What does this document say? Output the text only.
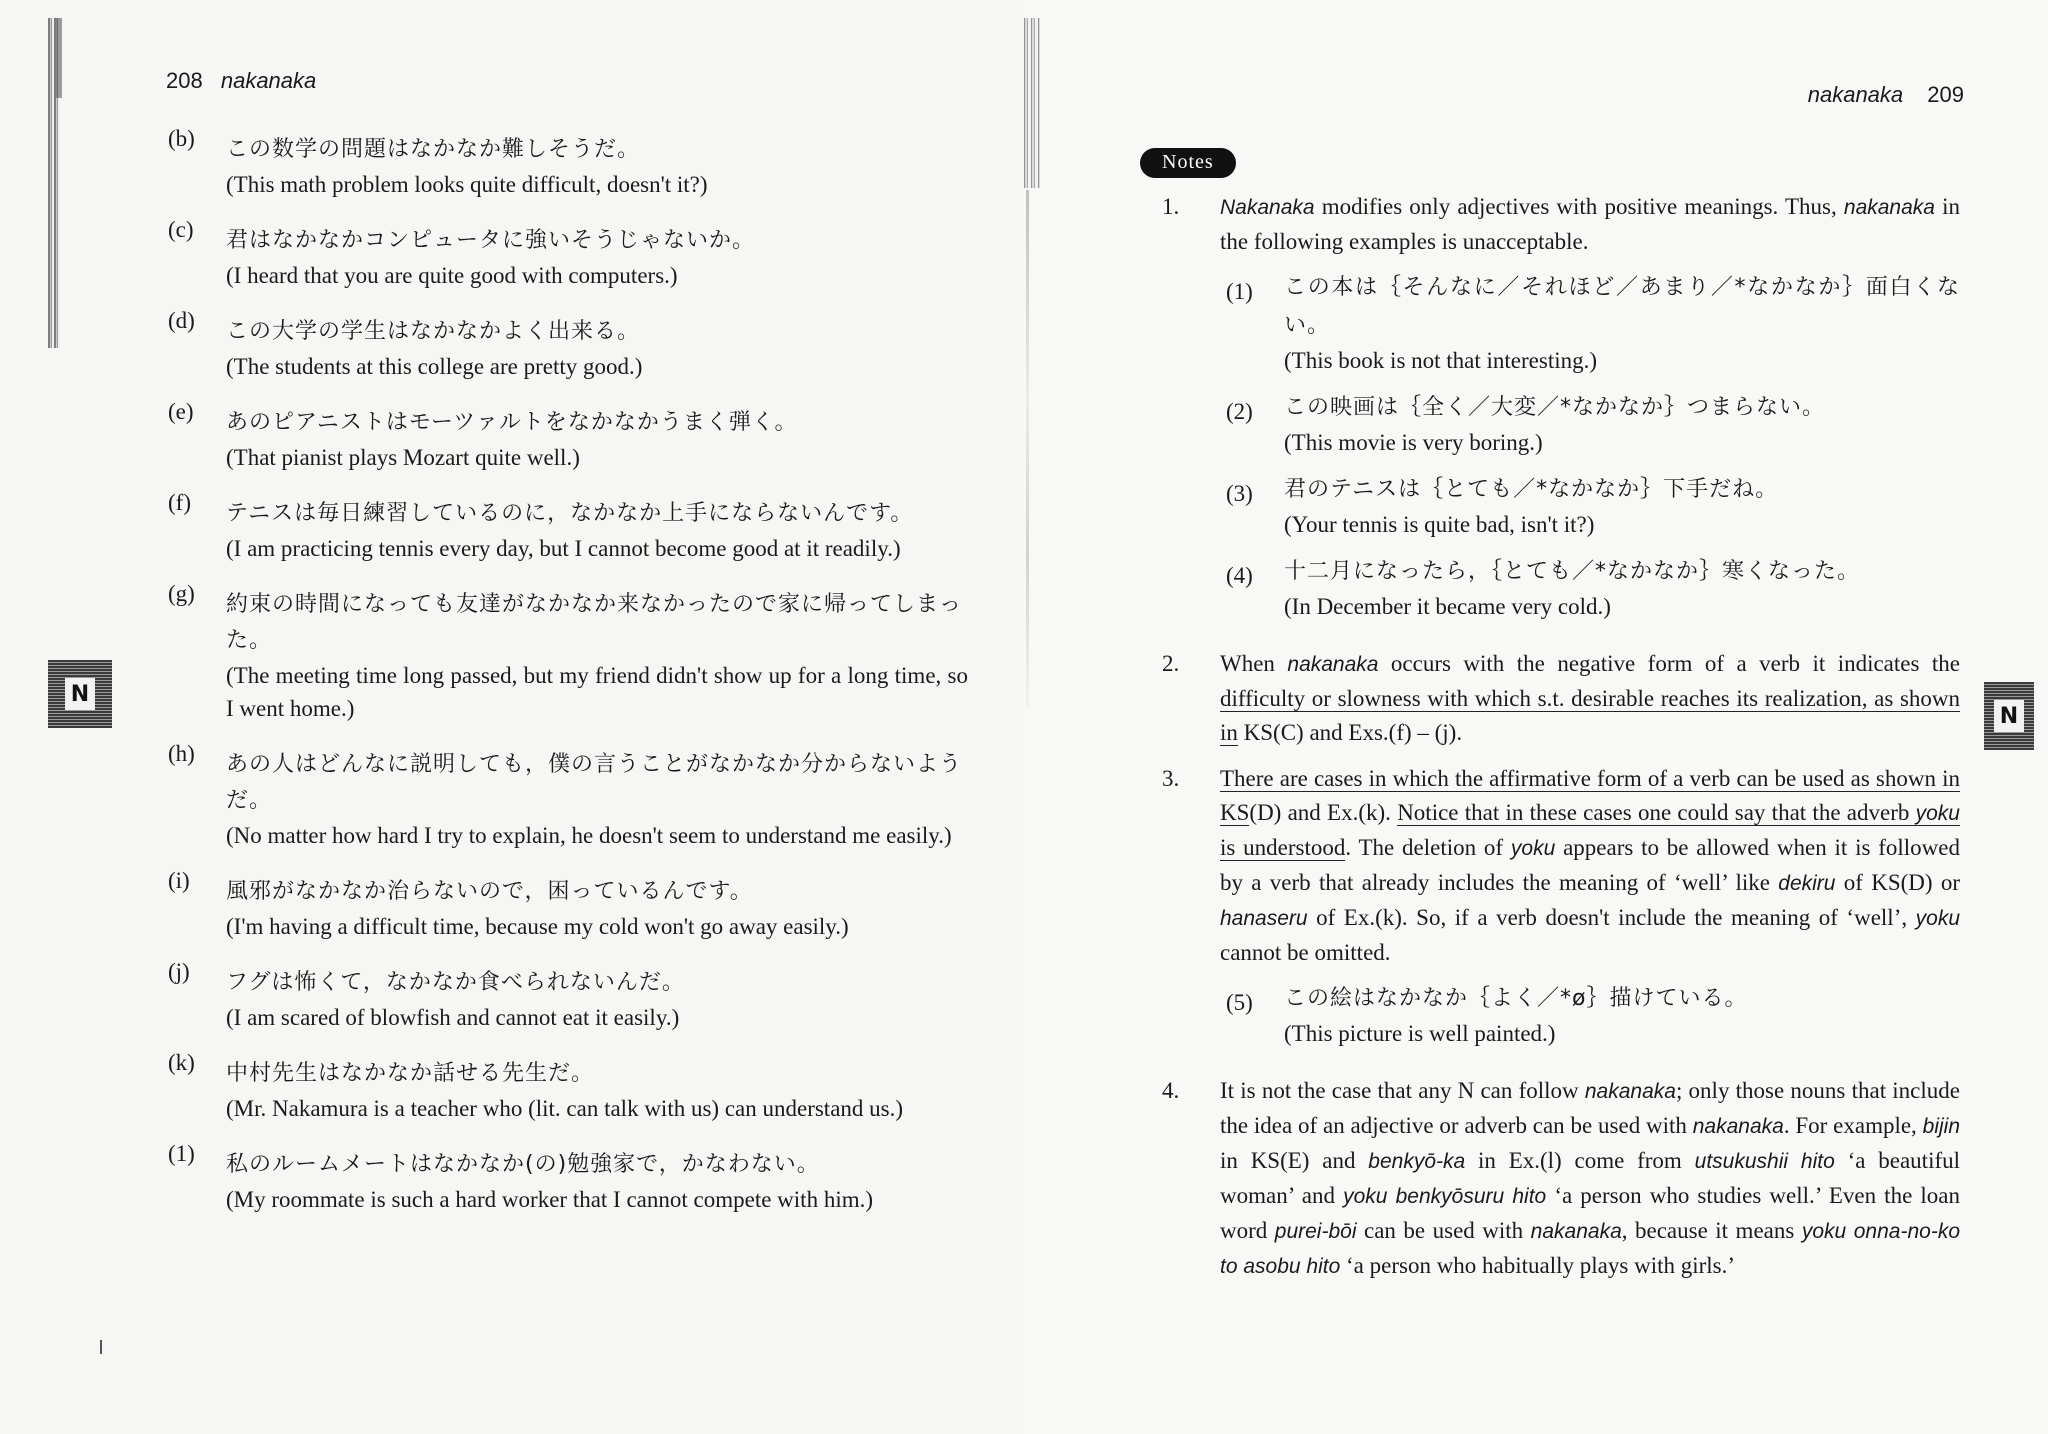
208 nakanaka
N
(b)	この数学の問題はなかなか難しそうだ。
(This math problem looks quite difficult, doesn't it?)
(c)	君はなかなかコンピュータに強いそうじゃないか。
(I heard that you are quite good with computers.)
(d)	この大学の学生はなかなかよく出来る。
(The students at this college are pretty good.)
(e)	あのピアニストはモーツァルトをなかなかうまく弾く。
(That pianist plays Mozart quite well.)
(f)	テニスは毎日練習しているのに，なかなか上手にならないんです。
(I am practicing tennis every day, but I cannot become good at it readily.)
(g)	約束の時間になっても友達がなかなか来なかったので家に帰ってしまった。
(The meeting time long passed, but my friend didn't show up for a long time, so I went home.)
(h)	あの人はどんなに説明しても，僕の言うことがなかなか分からないようだ。
(No matter how hard I try to explain, he doesn't seem to understand me easily.)
(i)	風邪がなかなか治らないので，困っているんです。
(I'm having a difficult time, because my cold won't go away easily.)
(j)	フグは怖くて，なかなか食べられないんだ。
(I am scared of blowfish and cannot eat it easily.)
(k)	中村先生はなかなか話せる先生だ。
(Mr. Nakamura is a teacher who (lit. can talk with us) can understand us.)
(1)	私のルームメートはなかなか(の)勉強家で，かなわない。
(My roommate is such a hard worker that I cannot compete with him.)
nakanaka 209
N
Notes
1.	Nakanaka modifies only adjectives with positive meanings. Thus, nakanaka in the following examples is unacceptable.
(1)	この本は｛そんなに／それほど／あまり／*なかなか｝面白くない。
(This book is not that interesting.)
(2)	この映画は｛全く／大変／*なかなか｝つまらない。
(This movie is very boring.)
(3)	君のテニスは｛とても／*なかなか｝下手だね。
(Your tennis is quite bad, isn't it?)
(4)	十二月になったら，｛とても／*なかなか｝寒くなった。
(In December it became very cold.)
2.	When nakanaka occurs with the negative form of a verb it indicates the difficulty or slowness with which s.t. desirable reaches its realization, as shown in KS(C) and Exs.(f) – (j).
3.	There are cases in which the affirmative form of a verb can be used as shown in KS(D) and Ex.(k). Notice that in these cases one could say that the adverb yoku is understood. The deletion of yoku appears to be allowed when it is followed by a verb that already includes the meaning of ‘well’ like dekiru of KS(D) or hanaseru of Ex.(k). So, if a verb doesn't include the meaning of ‘well’, yoku cannot be omitted.
(5)	この絵はなかなか｛よく／*ø｝描けている。
(This picture is well painted.)
4.	It is not the case that any N can follow nakanaka; only those nouns that include the idea of an adjective or adverb can be used with nakanaka. For example, bijin in KS(E) and benkyō-ka in Ex.(l) come from utsukushii hito ‘a beautiful woman’ and yoku benkyōsuru hito ‘a person who studies well.’ Even the loan word purei-bōi can be used with nakanaka, because it means yoku onna-no-ko to asobu hito ‘a person who habitually plays with girls.’
